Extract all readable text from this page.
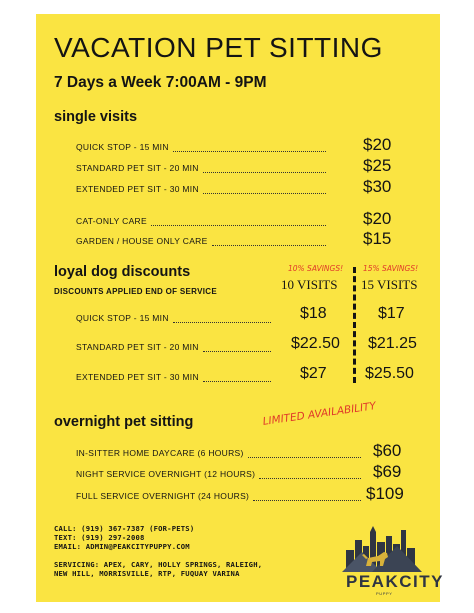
VACATION PET SITTING
7 Days a Week 7:00AM - 9PM
single visits
QUICK STOP - 15 MIN	$20
STANDARD PET SIT - 20 MIN	$25
EXTENDED PET SIT - 30 MIN	$30
CAT-ONLY CARE	$20
GARDEN / HOUSE ONLY CARE	$15
loyal dog discounts
DISCOUNTS APPLIED END OF SERVICE
10% SAVINGS!
10 VISITS
15% SAVINGS!
15 VISITS
QUICK STOP - 15 MIN	$18	$17
STANDARD PET SIT - 20 MIN	$22.50	$21.25
EXTENDED PET SIT - 30 MIN	$27	$25.50
overnight pet sitting	LIMITED AVAILABILITY
IN-SITTER HOME DAYCARE (6 HOURS)	$60
NIGHT SERVICE OVERNIGHT (12 HOURS)	$69
FULL SERVICE OVERNIGHT (24 HOURS)	$109
CALL: (919) 367-7387 (FOR-PETS)
TEXT: (919) 297-2008
EMAIL: ADMIN@PEAKCITYPUPPY.COM
SERVICING: APEX, CARY, HOLLY SPRINGS, RALEIGH,
NEW HILL, MORRISVILLE, RTP, FUQUAY VARINA	PEAKCITY
PUPPY
